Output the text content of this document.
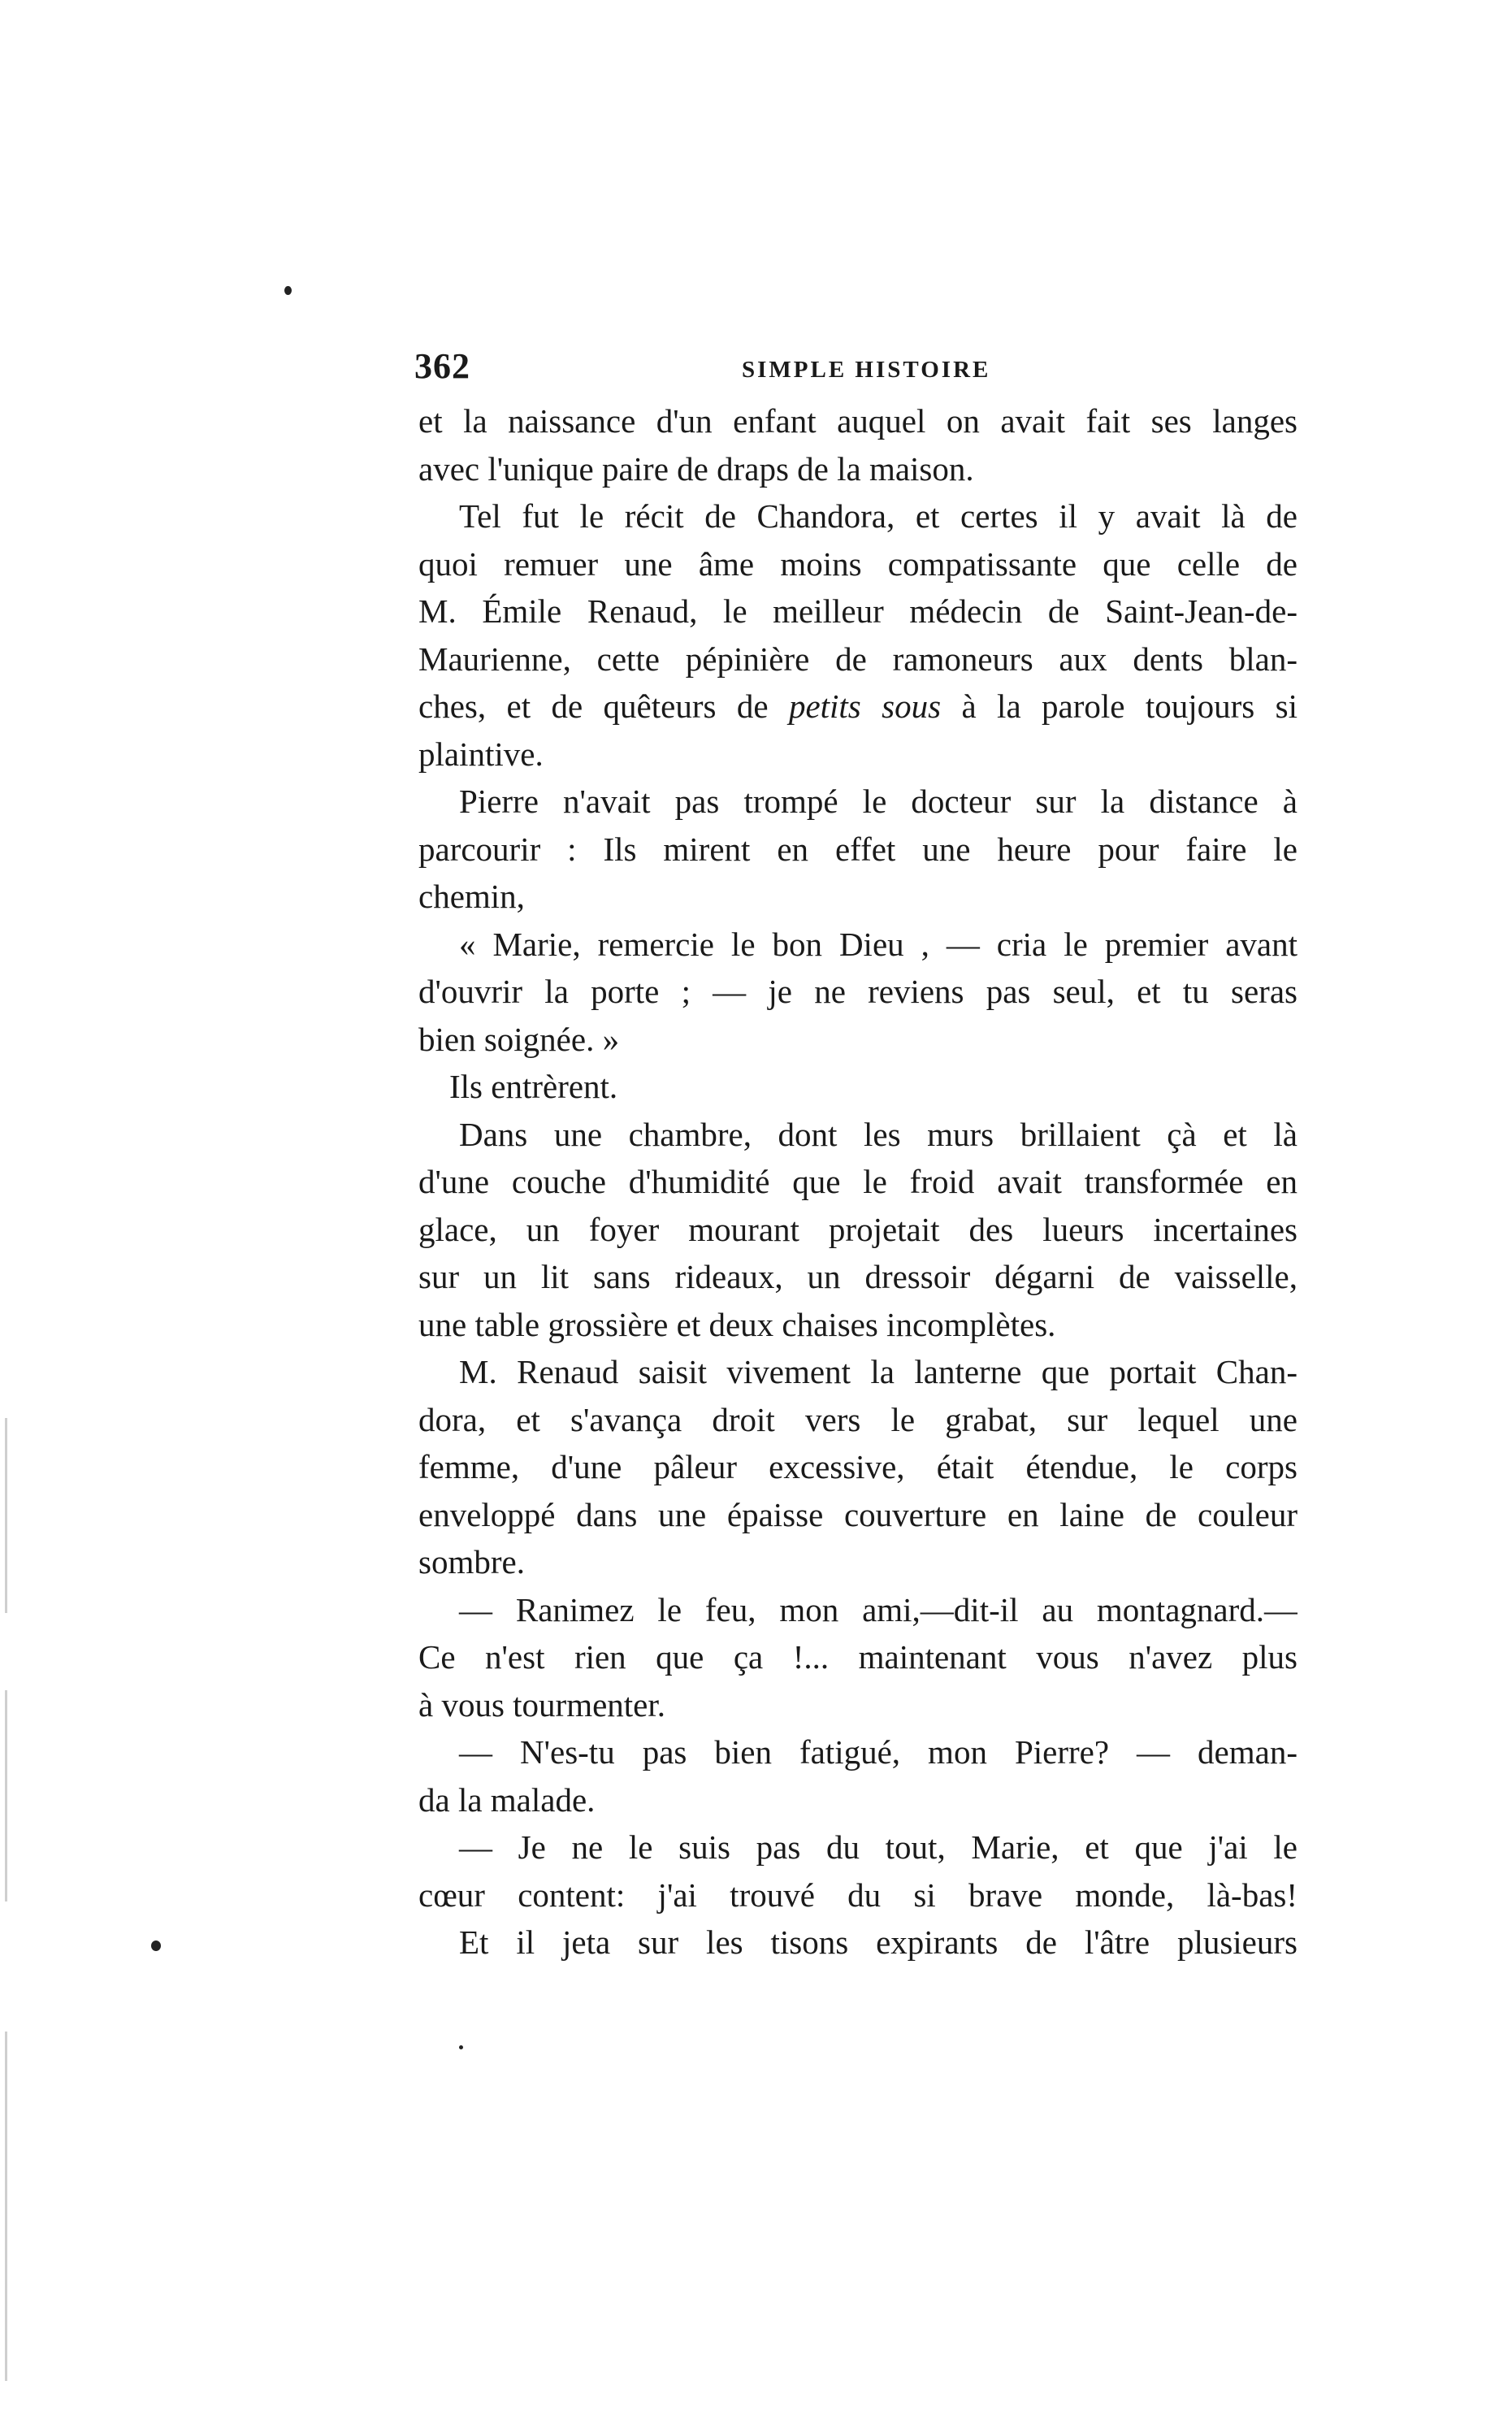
362	SIMPLE HISTOIRE
et la naissance d'un enfant auquel on avait fait ses langes
avec l'unique paire de draps de la maison.
Tel fut le récit de Chandora, et certes il y avait là de
quoi remuer une âme moins compatissante que celle de
M. Émile Renaud, le meilleur médecin de Saint-Jean-de-
Maurienne, cette pépinière de ramoneurs aux dents blan-
ches, et de quêteurs de petits sous à la parole toujours si
plaintive.
Pierre n'avait pas trompé le docteur sur la distance à
parcourir : Ils mirent en effet une heure pour faire le
chemin,
« Marie, remercie le bon Dieu , — cria le premier avant
d'ouvrir la porte ; — je ne reviens pas seul, et tu seras
bien soignée. »
Ils entrèrent.
Dans une chambre, dont les murs brillaient çà et là
d'une couche d'humidité que le froid avait transformée en
glace, un foyer mourant projetait des lueurs incertaines
sur un lit sans rideaux, un dressoir dégarni de vaisselle,
une table grossière et deux chaises incomplètes.
M. Renaud saisit vivement la lanterne que portait Chan-
dora, et s'avança droit vers le grabat, sur lequel une
femme, d'une pâleur excessive, était étendue, le corps
enveloppé dans une épaisse couverture en laine de couleur
sombre.
— Ranimez le feu, mon ami,—dit-il au montagnard.—
Ce n'est rien que ça !... maintenant vous n'avez plus
à vous tourmenter.
— N'es-tu pas bien fatigué, mon Pierre? — deman-
da la malade.
— Je ne le suis pas du tout, Marie, et que j'ai le
cœur content: j'ai trouvé du si brave monde, là-bas!
Et il jeta sur les tisons expirants de l'âtre plusieurs
